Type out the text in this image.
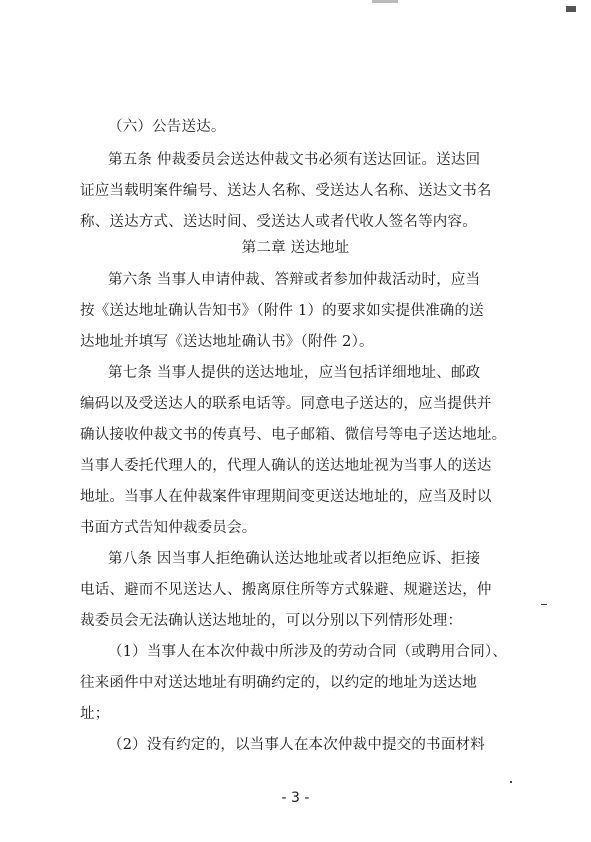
（六）公告送达。
第五条 仲裁委员会送达仲裁文书必须有送达回证。送达回
证应当载明案件编号、送达人名称、受送达人名称、送达文书名
称、送达方式、送达时间、受送达人或者代收人签名等内容。
第二章 送达地址
第六条 当事人申请仲裁、答辩或者参加仲裁活动时，应当
按《送达地址确认告知书》（附件 1）的要求如实提供准确的送
达地址并填写《送达地址确认书》（附件 2）。
第七条 当事人提供的送达地址，应当包括详细地址、邮政
编码以及受送达人的联系电话等。同意电子送达的，应当提供并
确认接收仲裁文书的传真号、电子邮箱、微信号等电子送达地址。
当事人委托代理人的，代理人确认的送达地址视为当事人的送达
地址。当事人在仲裁案件审理期间变更送达地址的，应当及时以
书面方式告知仲裁委员会。
第八条 因当事人拒绝确认送达地址或者以拒绝应诉、拒接
电话、避而不见送达人、搬离原住所等方式躲避、规避送达，仲
裁委员会无法确认送达地址的，可以分别以下列情形处理：
（1）当事人在本次仲裁中所涉及的劳动合同（或聘用合同）、
往来函件中对送达地址有明确约定的，以约定的地址为送达地
址；
（2）没有约定的，以当事人在本次仲裁中提交的书面材料
- 3 -
